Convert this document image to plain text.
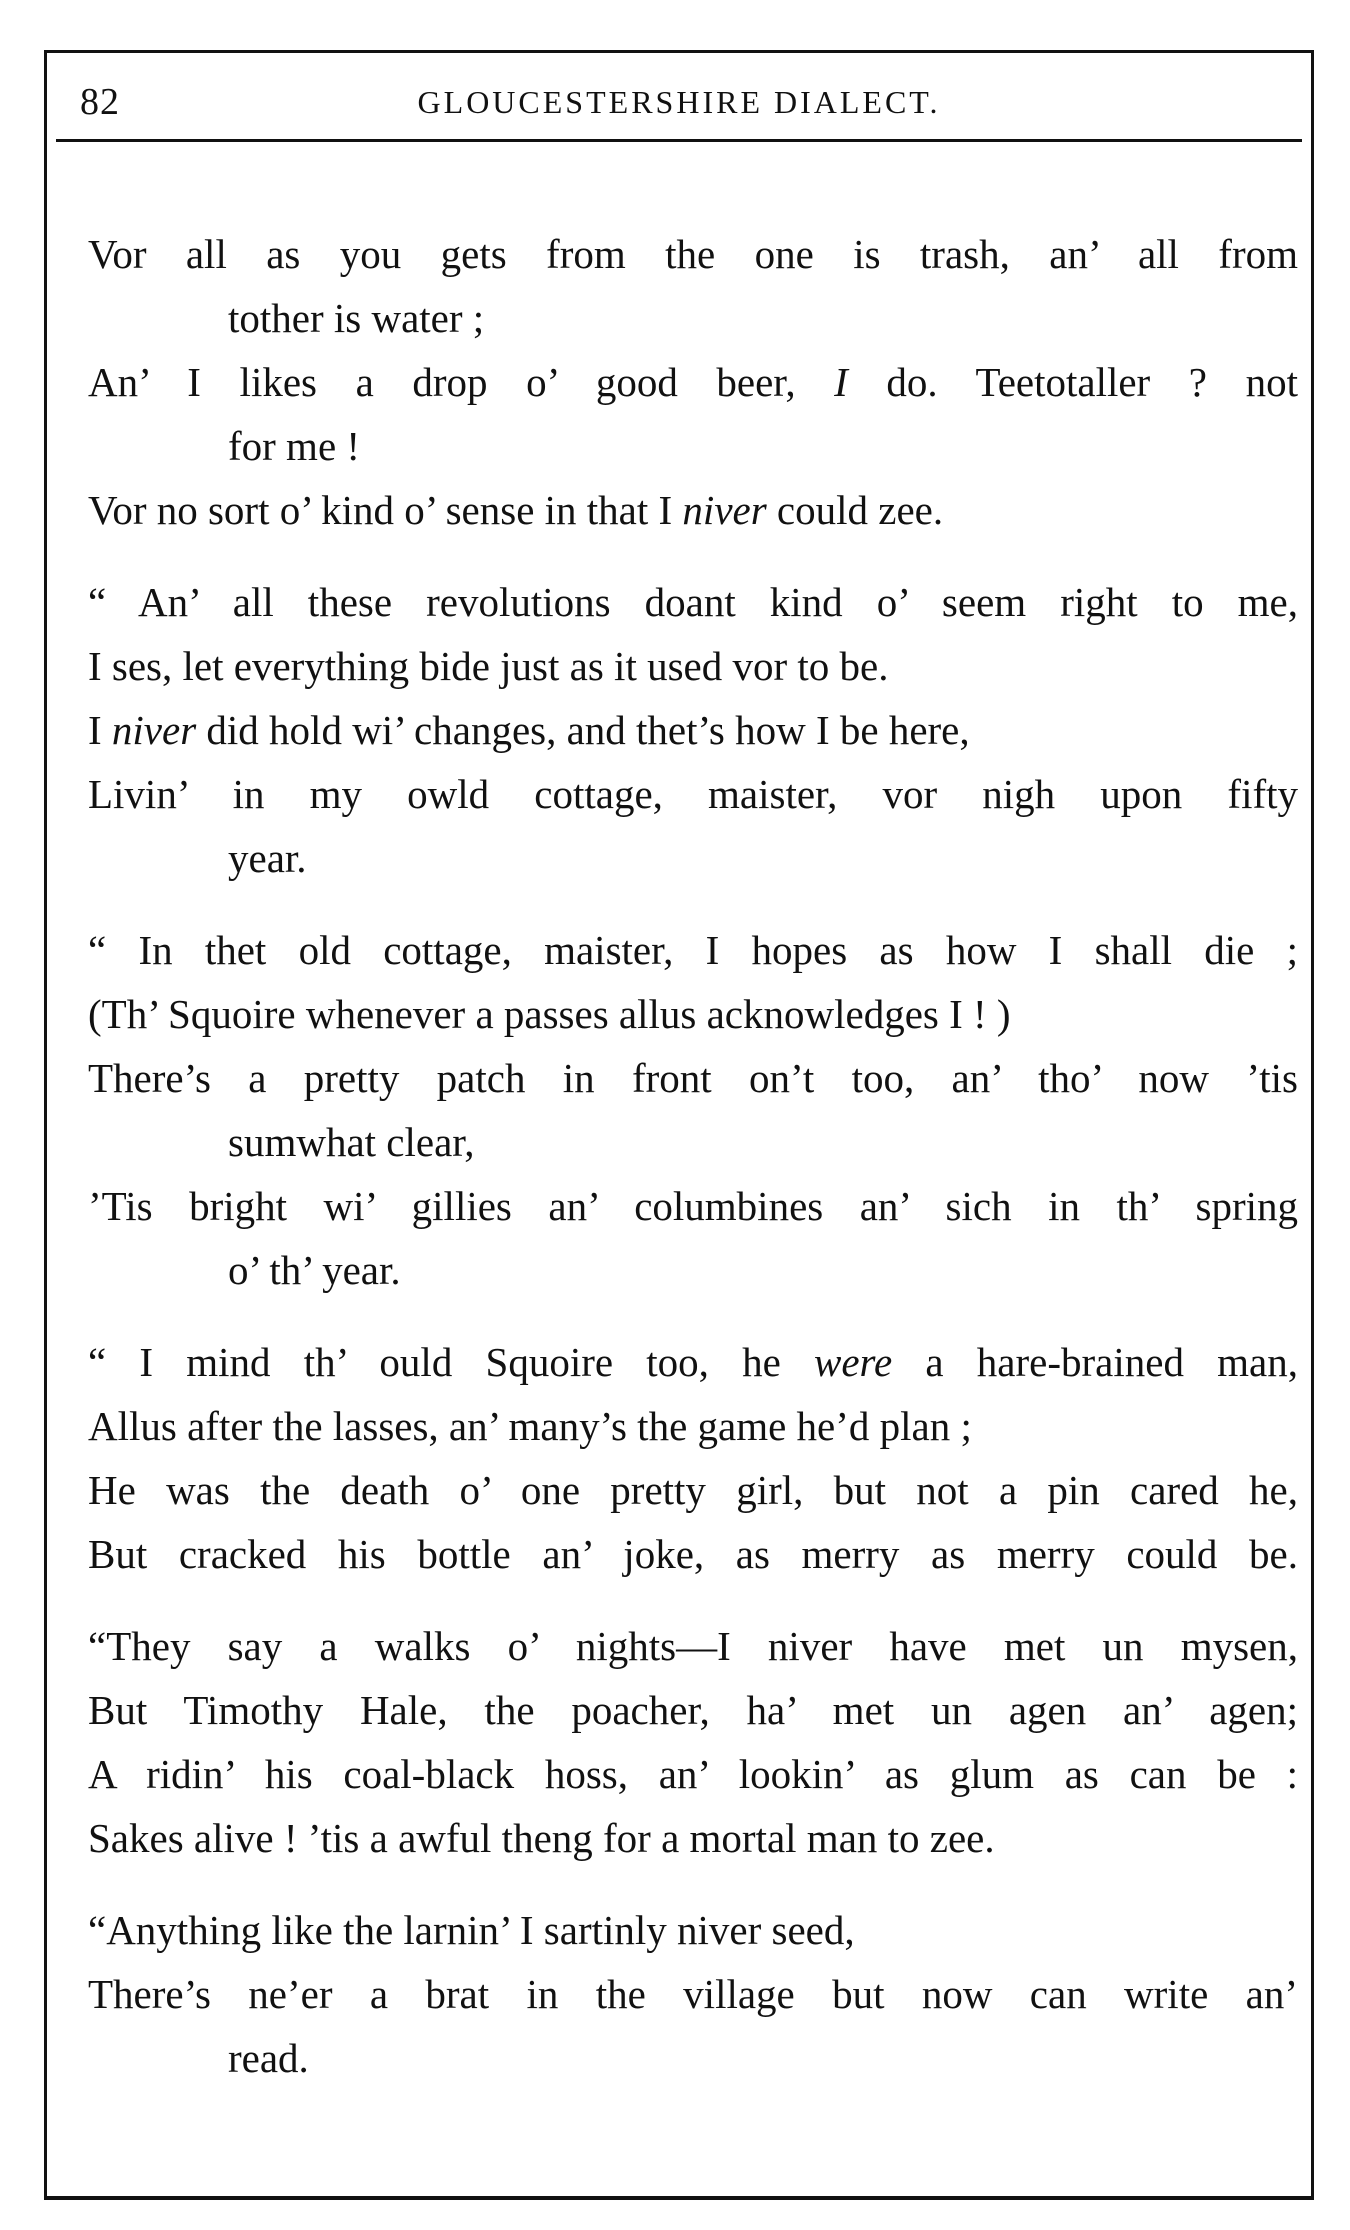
82	GLOUCESTERSHIRE DIALECT.
Vor all as you gets from the one is trash, an’ all from
tother is water ;
An’ I likes a drop o’ good beer, I do. Teetotaller ? not
for me !
Vor no sort o’ kind o’ sense in that I niver could zee.
“ An’ all these revolutions doant kind o’ seem right to me,
I ses, let everything bide just as it used vor to be.
I niver did hold wi’ changes, and thet’s how I be here,
Livin’ in my owld cottage, maister, vor nigh upon fifty
year.
“ In thet old cottage, maister, I hopes as how I shall die ;
(Th’ Squoire whenever a passes allus acknowledges I ! )
There’s a pretty patch in front on’t too, an’ tho’ now ’tis
sumwhat clear,
’Tis bright wi’ gillies an’ columbines an’ sich in th’ spring
o’ th’ year.
“ I mind th’ ould Squoire too, he were a hare-brained man,
Allus after the lasses, an’ many’s the game he’d plan ;
He was the death o’ one pretty girl, but not a pin cared he,
But cracked his bottle an’ joke, as merry as merry could be.
“They say a walks o’ nights—I niver have met un mysen,
But Timothy Hale, the poacher, ha’ met un agen an’ agen;
A ridin’ his coal-black hoss, an’ lookin’ as glum as can be :
Sakes alive ! ’tis a awful theng for a mortal man to zee.
“Anything like the larnin’ I sartinly niver seed,
There’s ne’er a brat in the village but now can write an’
read.
